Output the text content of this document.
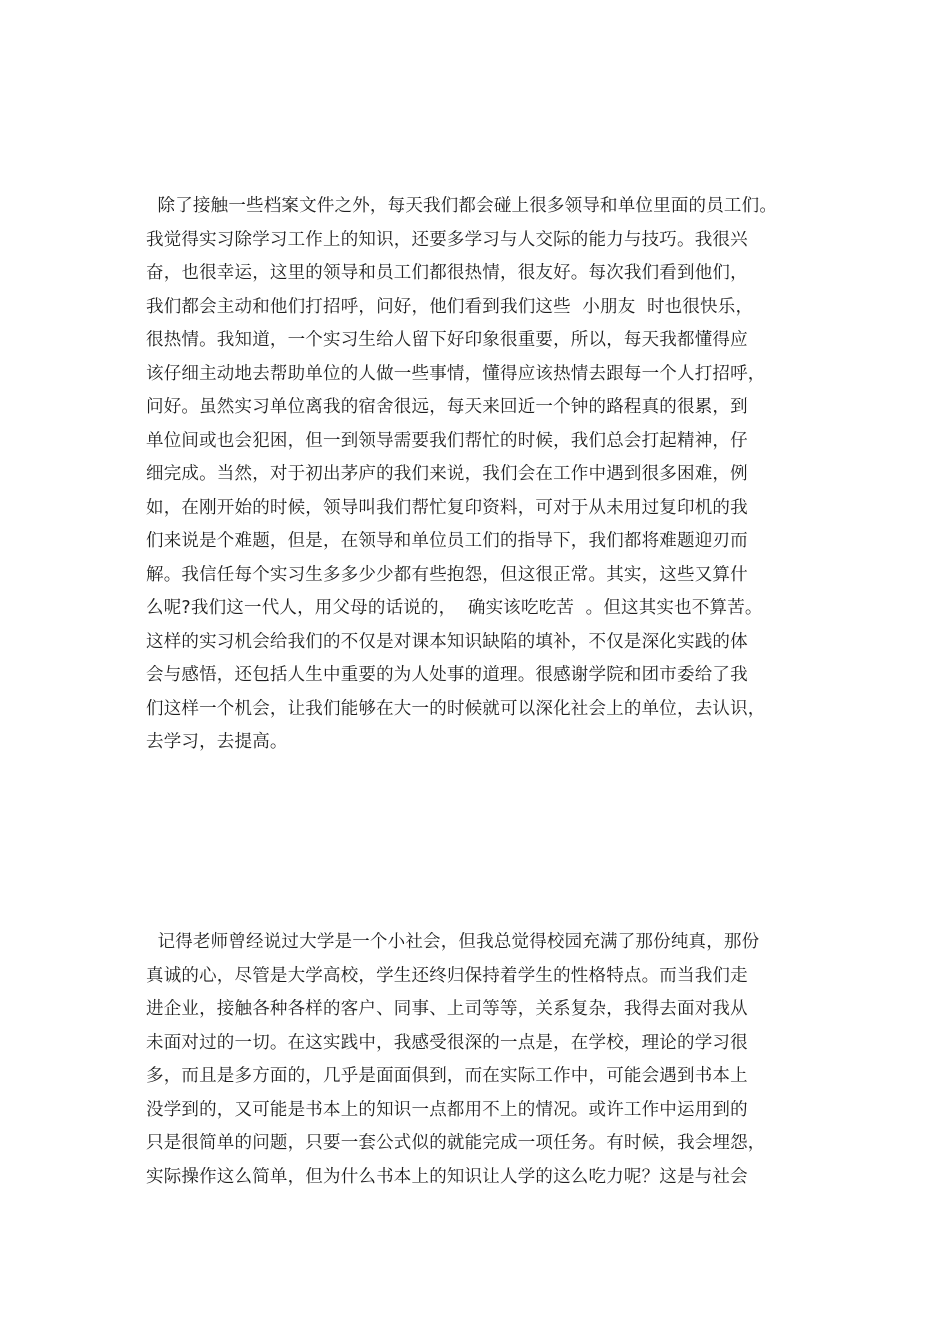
除了接触一些档案文件之外，每天我们都会碰上很多领导和单位里面的员工们。
我觉得实习除学习工作上的知识，还要多学习与人交际的能力与技巧。我很兴
奋，也很幸运，这里的领导和员工们都很热情，很友好。每次我们看到他们，
我们都会主动和他们打招呼，问好，他们看到我们这些  小朋友  时也很快乐，
很热情。我知道，一个实习生给人留下好印象很重要，所以，每天我都懂得应
该仔细主动地去帮助单位的人做一些事情，懂得应该热情去跟每一个人打招呼，
问好。虽然实习单位离我的宿舍很远，每天来回近一个钟的路程真的很累，到
单位间或也会犯困，但一到领导需要我们帮忙的时候，我们总会打起精神，仔
细完成。当然，对于初出茅庐的我们来说，我们会在工作中遇到很多困难，例
如，在刚开始的时候，领导叫我们帮忙复印资料，可对于从未用过复印机的我
们来说是个难题，但是，在领导和单位员工们的指导下，我们都将难题迎刃而
解。我信任每个实习生多多少少都有些抱怨，但这很正常。其实，这些又算什
么呢?我们这一代人，用父母的话说的，  确实该吃吃苦  。但这其实也不算苦。
这样的实习机会给我们的不仅是对课本知识缺陷的填补，不仅是深化实践的体
会与感悟，还包括人生中重要的为人处事的道理。很感谢学院和团市委给了我
们这样一个机会，让我们能够在大一的时候就可以深化社会上的单位，去认识，
去学习，去提高。
记得老师曾经说过大学是一个小社会，但我总觉得校园充满了那份纯真，那份
真诚的心，尽管是大学高校，学生还终归保持着学生的性格特点。而当我们走
进企业，接触各种各样的客户、同事、上司等等，关系复杂，我得去面对我从
未面对过的一切。在这实践中，我感受很深的一点是，在学校，理论的学习很
多，而且是多方面的，几乎是面面俱到，而在实际工作中，可能会遇到书本上
没学到的，又可能是书本上的知识一点都用不上的情况。或许工作中运用到的
只是很简单的问题，只要一套公式似的就能完成一项任务。有时候，我会埋怨，
实际操作这么简单，但为什么书本上的知识让人学的这么吃力呢？这是与社会
